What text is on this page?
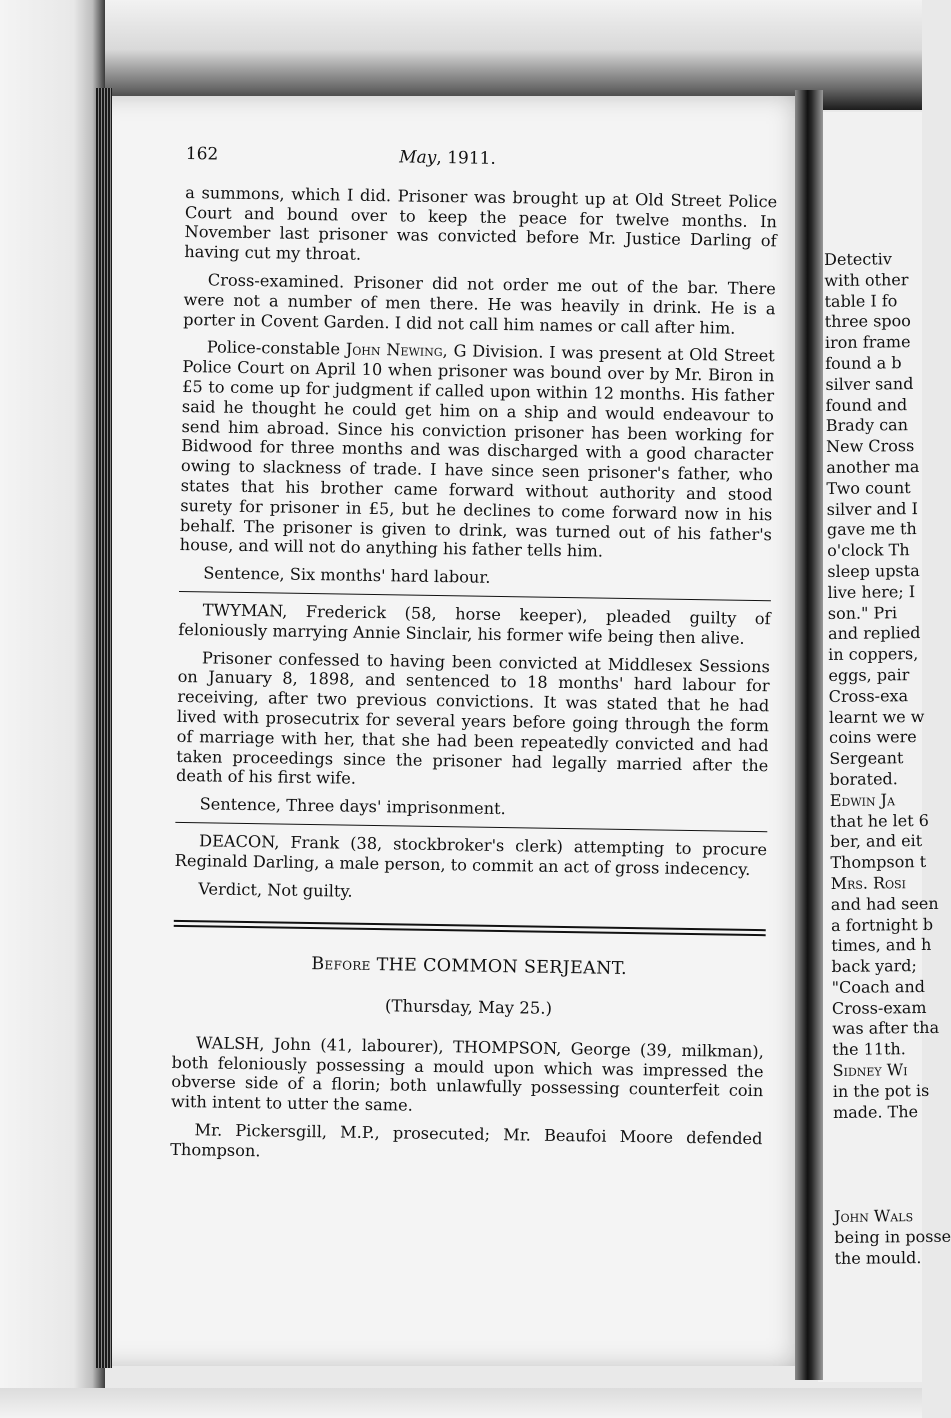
162	May, 1911.

a summons, which I did. Prisoner was brought up at Old Street Police Court and bound over to keep the peace for twelve months. In November last prisoner was convicted before Mr. Justice Darling of having cut my throat.

Cross-examined. Prisoner did not order me out of the bar. There were not a number of men there. He was heavily in drink. He is a porter in Covent Garden. I did not call him names or call after him.

Police-constable John Newing, G Division. I was present at Old Street Police Court on April 10 when prisoner was bound over by Mr. Biron in £5 to come up for judgment if called upon within 12 months. His father said he thought he could get him on a ship and would endeavour to send him abroad. Since his conviction prisoner has been working for Bidwood for three months and was discharged with a good character owing to slackness of trade. I have since seen prisoner's father, who states that his brother came forward without authority and stood surety for prisoner in £5, but he declines to come forward now in his behalf. The prisoner is given to drink, was turned out of his father's house, and will not do anything his father tells him.

Sentence, Six months' hard labour.

TWYMAN, Frederick (58, horse keeper), pleaded guilty of feloniously marrying Annie Sinclair, his former wife being then alive.

Prisoner confessed to having been convicted at Middlesex Sessions on January 8, 1898, and sentenced to 18 months' hard labour for receiving, after two previous convictions. It was stated that he had lived with prosecutrix for several years before going through the form of marriage with her, that she had been repeatedly convicted and had taken proceedings since the prisoner had legally married after the death of his first wife.

Sentence, Three days' imprisonment.

DEACON, Frank (38, stockbroker's clerk) attempting to procure Reginald Darling, a male person, to commit an act of gross indecency.

Verdict, Not guilty.

Before THE COMMON SERJEANT.
(Thursday, May 25.)

WALSH, John (41, labourer), THOMPSON, George (39, milkman), both feloniously possessing a mould upon which was impressed the obverse side of a florin; both unlawfully possessing counterfeit coin with intent to utter the same.

Mr. Pickersgill, M.P., prosecuted; Mr. Beaufoi Moore defended Thompson.

Detectiv
with other
table I fo
three spoo
iron frame
found a b
silver sand
found and
Brady can
New Cross
another ma
Two count
silver and I
gave me th
o'clock Th
sleep upsta
live here; I
son." Pri
and replied
in coppers,
eggs, pair
Cross-exa
learnt we w
coins were
Sergeant
borated.
Edwin Ja
that he let 6
ber, and eit
Thompson t
Mrs. Rosi
and had seen
a fortnight b
times, and h
back yard;
"Coach and
Cross-exam
was after tha
the 11th.
Sidney Wi
in the pot is
made. The
John Wals
being in posse
the mould.
